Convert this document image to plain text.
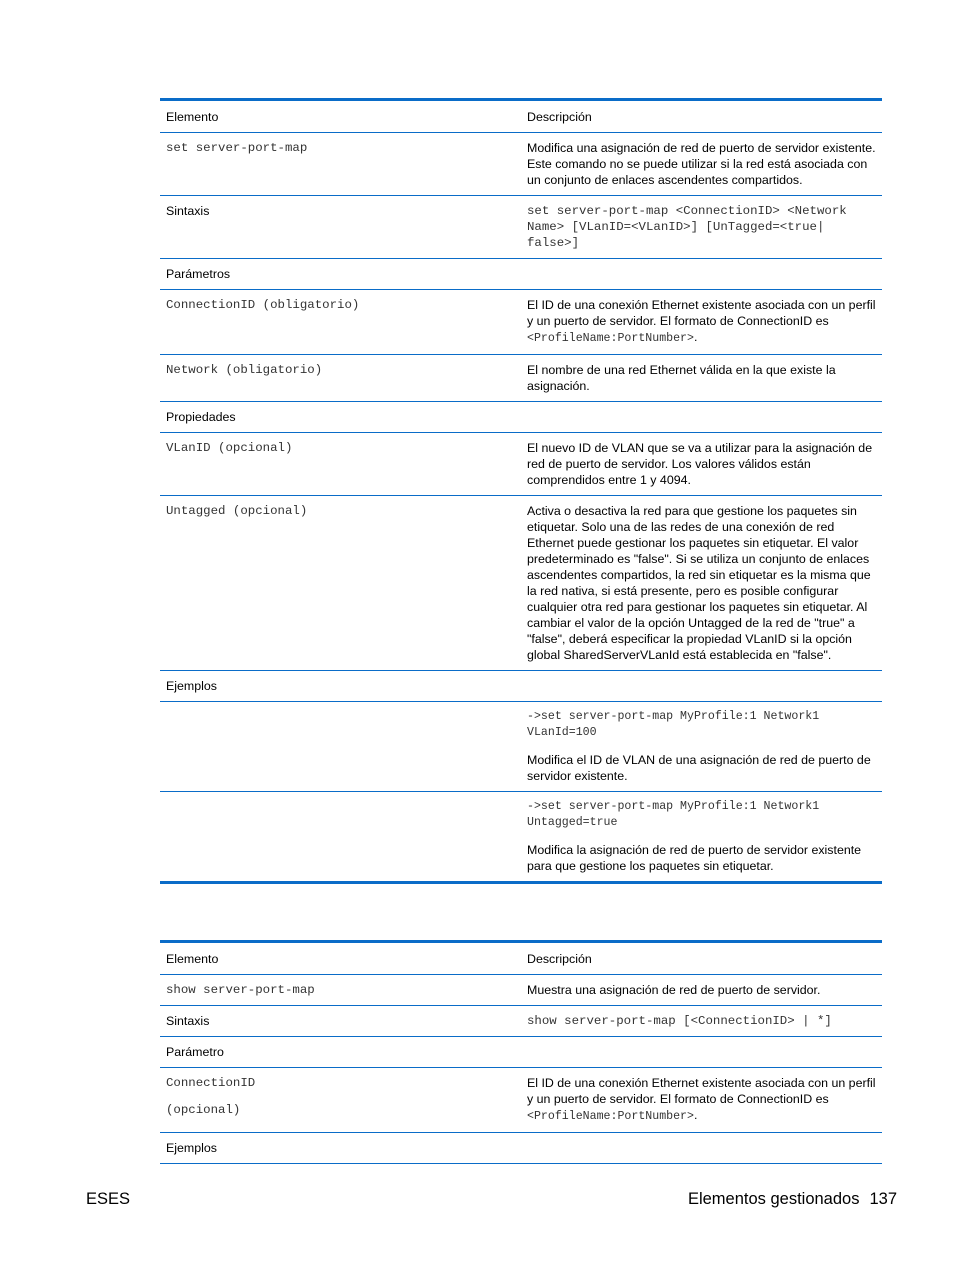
Elemento	Descripción
set server-port-map	Modifica una asignación de red de puerto de servidor existente. Este comando no se puede utilizar si la red está asociada con un conjunto de enlaces ascendentes compartidos.
Sintaxis	set server-port-map <ConnectionID> <Network Name> [VLanID=<VLanID>] [UnTagged=<true| false>]
Parámetros	
ConnectionID (obligatorio)	El ID de una conexión Ethernet existente asociada con un perfil y un puerto de servidor. El formato de ConnectionID es <ProfileName:PortNumber>.
Network (obligatorio)	El nombre de una red Ethernet válida en la que existe la asignación.
Propiedades	
VLanID (opcional)	El nuevo ID de VLAN que se va a utilizar para la asignación de red de puerto de servidor. Los valores válidos están comprendidos entre 1 y 4094.
Untagged (opcional)	Activa o desactiva la red para que gestione los paquetes sin etiquetar. Solo una de las redes de una conexión de red Ethernet puede gestionar los paquetes sin etiquetar. El valor predeterminado es "false". Si se utiliza un conjunto de enlaces ascendentes compartidos, la red sin etiquetar es la misma que la red nativa, si está presente, pero es posible configurar cualquier otra red para gestionar los paquetes sin etiquetar. Al cambiar el valor de la opción Untagged de la red de "true" a "false", deberá especificar la propiedad VLanID si la opción global SharedServerVLanId está establecida en "false".
Ejemplos	

	->set server-port-map MyProfile:1 Network1 VLanId=100
Modifica el ID de VLAN de una asignación de red de puerto de servidor existente.

	->set server-port-map MyProfile:1 Network1 Untagged=true
Modifica la asignación de red de puerto de servidor existente para que gestione los paquetes sin etiquetar.
Elemento	Descripción
show server-port-map	Muestra una asignación de red de puerto de servidor.
Sintaxis	show server-port-map [<ConnectionID> | *]
Parámetro	

ConnectionID
(opcional)	El ID de una conexión Ethernet existente asociada con un perfil y un puerto de servidor. El formato de ConnectionID es <ProfileName:PortNumber>.
Ejemplos	
ESES	Elementos gestionados 137
